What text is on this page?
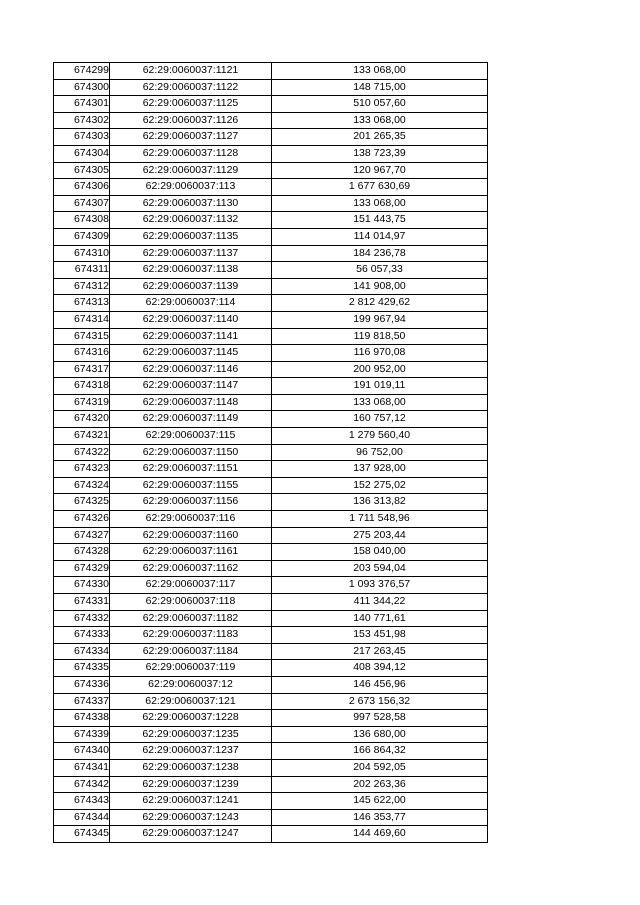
674299	62:29:0060037:1121	133 068,00
674300	62:29:0060037:1122	148 715,00
674301	62:29:0060037:1125	510 057,60
674302	62:29:0060037:1126	133 068,00
674303	62:29:0060037:1127	201 265,35
674304	62:29:0060037:1128	138 723,39
674305	62:29:0060037:1129	120 967,70
674306	62:29:0060037:113	1 677 630,69
674307	62:29:0060037:1130	133 068,00
674308	62:29:0060037:1132	151 443,75
674309	62:29:0060037:1135	114 014,97
674310	62:29:0060037:1137	184 236,78
674311	62:29:0060037:1138	56 057,33
674312	62:29:0060037:1139	141 908,00
674313	62:29:0060037:114	2 812 429,62
674314	62:29:0060037:1140	199 967,94
674315	62:29:0060037:1141	119 818,50
674316	62:29:0060037:1145	116 970,08
674317	62:29:0060037:1146	200 952,00
674318	62:29:0060037:1147	191 019,11
674319	62:29:0060037:1148	133 068,00
674320	62:29:0060037:1149	160 757,12
674321	62:29:0060037:115	1 279 560,40
674322	62:29:0060037:1150	96 752,00
674323	62:29:0060037:1151	137 928,00
674324	62:29:0060037:1155	152 275,02
674325	62:29:0060037:1156	136 313,82
674326	62:29:0060037:116	1 711 548,96
674327	62:29:0060037:1160	275 203,44
674328	62:29:0060037:1161	158 040,00
674329	62:29:0060037:1162	203 594,04
674330	62:29:0060037:117	1 093 376,57
674331	62:29:0060037:118	411 344,22
674332	62:29:0060037:1182	140 771,61
674333	62:29:0060037:1183	153 451,98
674334	62:29:0060037:1184	217 263,45
674335	62:29:0060037:119	408 394,12
674336	62:29:0060037:12	146 456,96
674337	62:29:0060037:121	2 673 156,32
674338	62:29:0060037:1228	997 528,58
674339	62:29:0060037:1235	136 680,00
674340	62:29:0060037:1237	166 864,32
674341	62:29:0060037:1238	204 592,05
674342	62:29:0060037:1239	202 263,36
674343	62:29:0060037:1241	145 622,00
674344	62:29:0060037:1243	146 353,77
674345	62:29:0060037:1247	144 469,60
